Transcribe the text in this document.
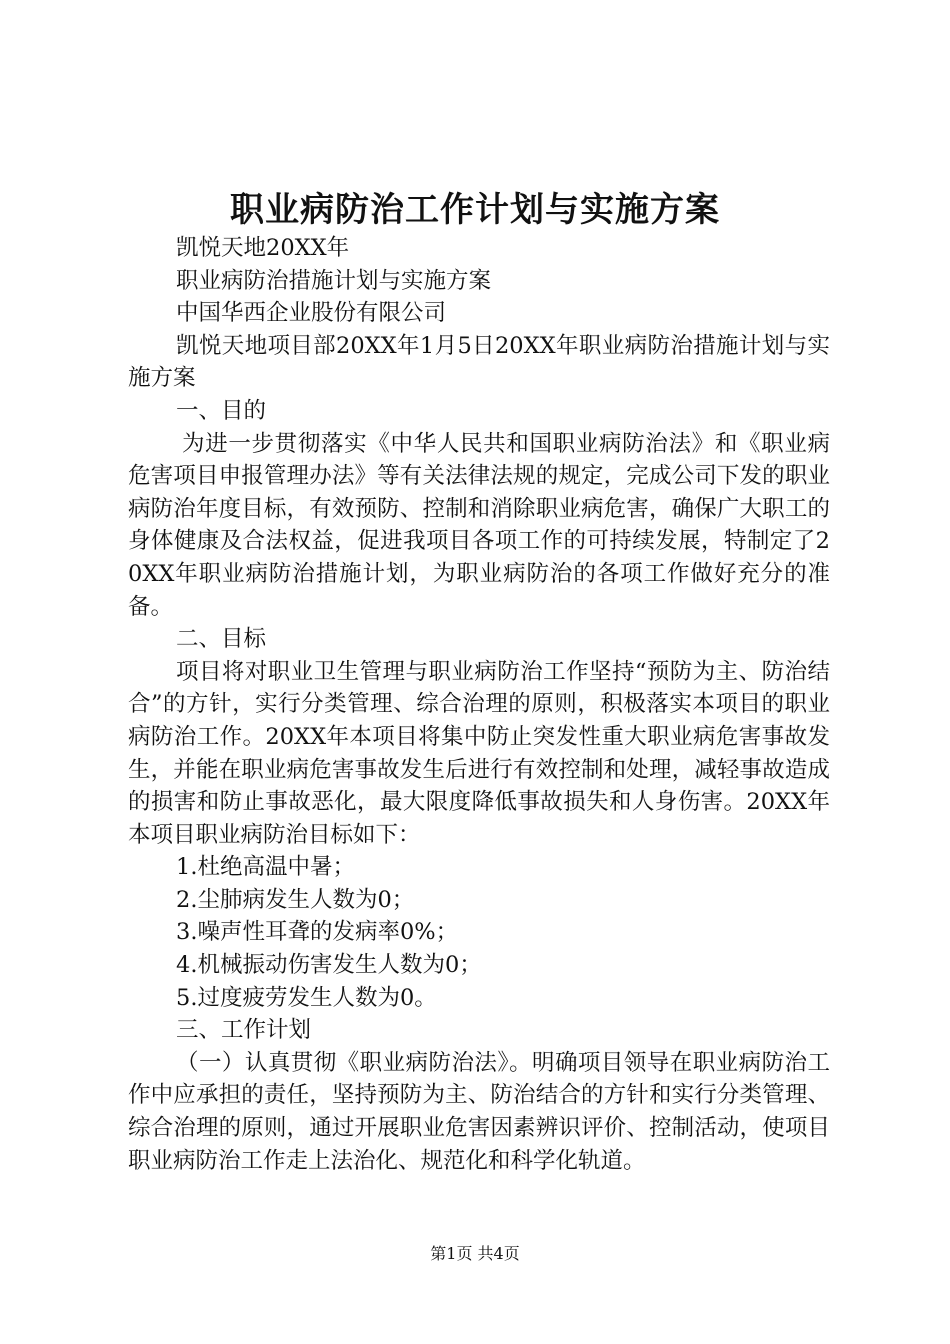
职业病防治工作计划与实施方案

凯悦天地20XX年

职业病防治措施计划与实施方案

中国华西企业股份有限公司

凯悦天地项目部20XX年1月5日20XX年职业病防治措施计划与实施方案

一、目的

为进一步贯彻落实《中华人民共和国职业病防治法》和《职业病危害项目申报管理办法》等有关法律法规的规定，完成公司下发的职业病防治年度目标，有效预防、控制和消除职业病危害，确保广大职工的身体健康及合法权益，促进我项目各项工作的可持续发展，特制定了20XX年职业病防治措施计划，为职业病防治的各项工作做好充分的准备。

二、目标

项目将对职业卫生管理与职业病防治工作坚持“预防为主、防治结合”的方针，实行分类管理、综合治理的原则，积极落实本项目的职业病防治工作。20XX年本项目将集中防止突发性重大职业病危害事故发生，并能在职业病危害事故发生后进行有效控制和处理，减轻事故造成的损害和防止事故恶化，最大限度降低事故损失和人身伤害。20XX年本项目职业病防治目标如下：

1.杜绝高温中暑；

2.尘肺病发生人数为0；

3.噪声性耳聋的发病率0%；

4.机械振动伤害发生人数为0；

5.过度疲劳发生人数为0。

三、工作计划

（一）认真贯彻《职业病防治法》。明确项目领导在职业病防治工作中应承担的责任，坚持预防为主、防治结合的方针和实行分类管理、综合治理的原则，通过开展职业危害因素辨识评价、控制活动，使项目职业病防治工作走上法治化、规范化和科学化轨道。

第1页 共4页
